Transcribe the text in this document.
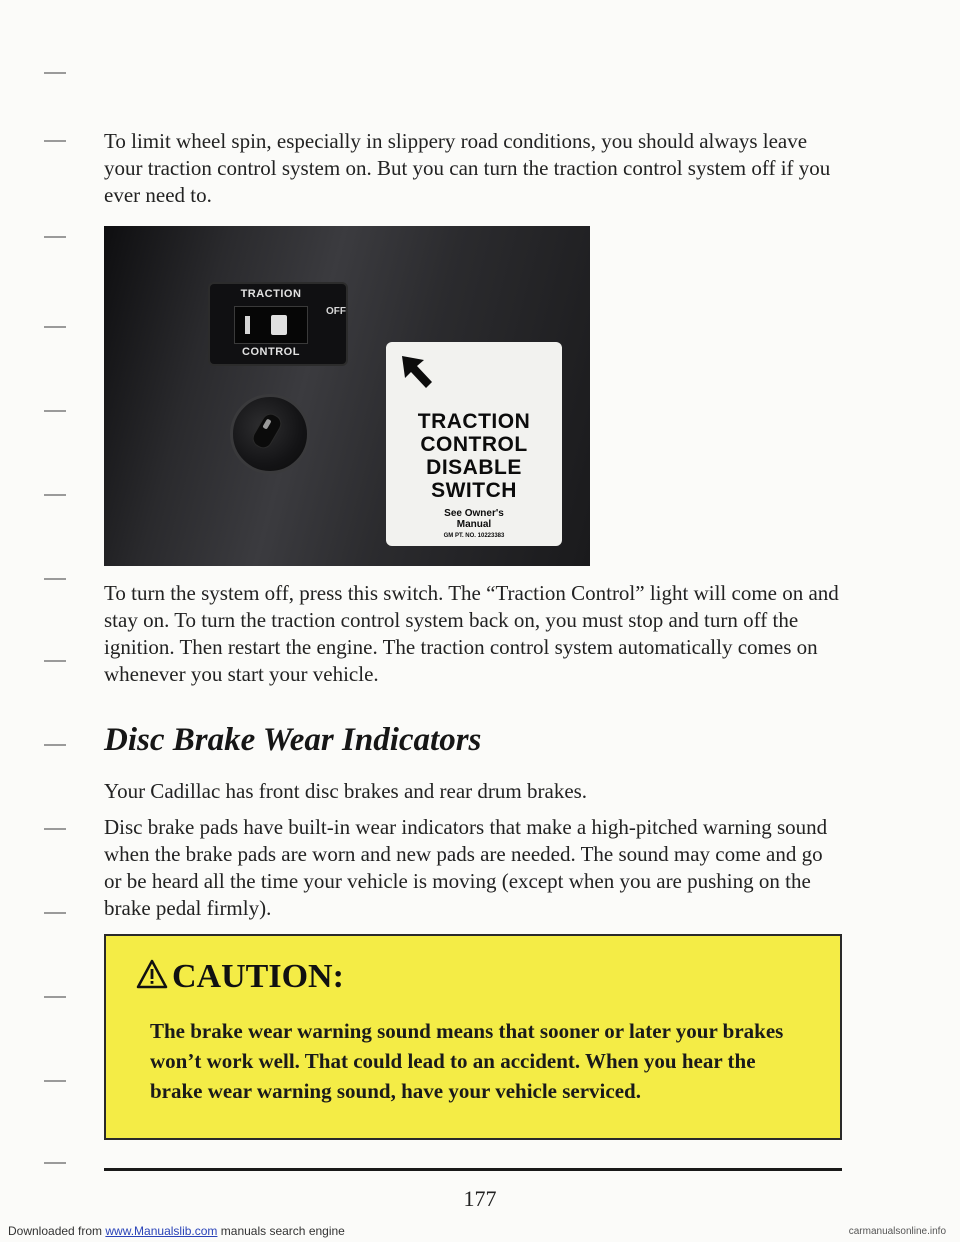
To limit wheel spin, especially in slippery road conditions, you should always leave your traction control system on. But you can turn the traction control system off if you ever need to.

TRACTION
OFF
CONTROL
TRACTION
CONTROL
DISABLE
SWITCH
See Owner's
Manual
GM PT. NO. 10223383

To turn the system off, press this switch. The “Traction Control” light will come on and stay on. To turn the traction control system back on, you must stop and turn off the ignition. Then restart the engine. The traction control system automatically comes on whenever you start your vehicle.

Disc Brake Wear Indicators

Your Cadillac has front disc brakes and rear drum brakes.

Disc brake pads have built-in wear indicators that make a high-pitched warning sound when the brake pads are worn and new pads are needed. The sound may come and go or be heard all the time your vehicle is moving (except when you are pushing on the brake pedal firmly).

CAUTION:
The brake wear warning sound means that sooner or later your brakes won’t work well. That could lead to an accident. When you hear the brake wear warning sound, have your vehicle serviced.
177
Downloaded from www.Manualslib.com manuals search engine	carmanualsonline.info
